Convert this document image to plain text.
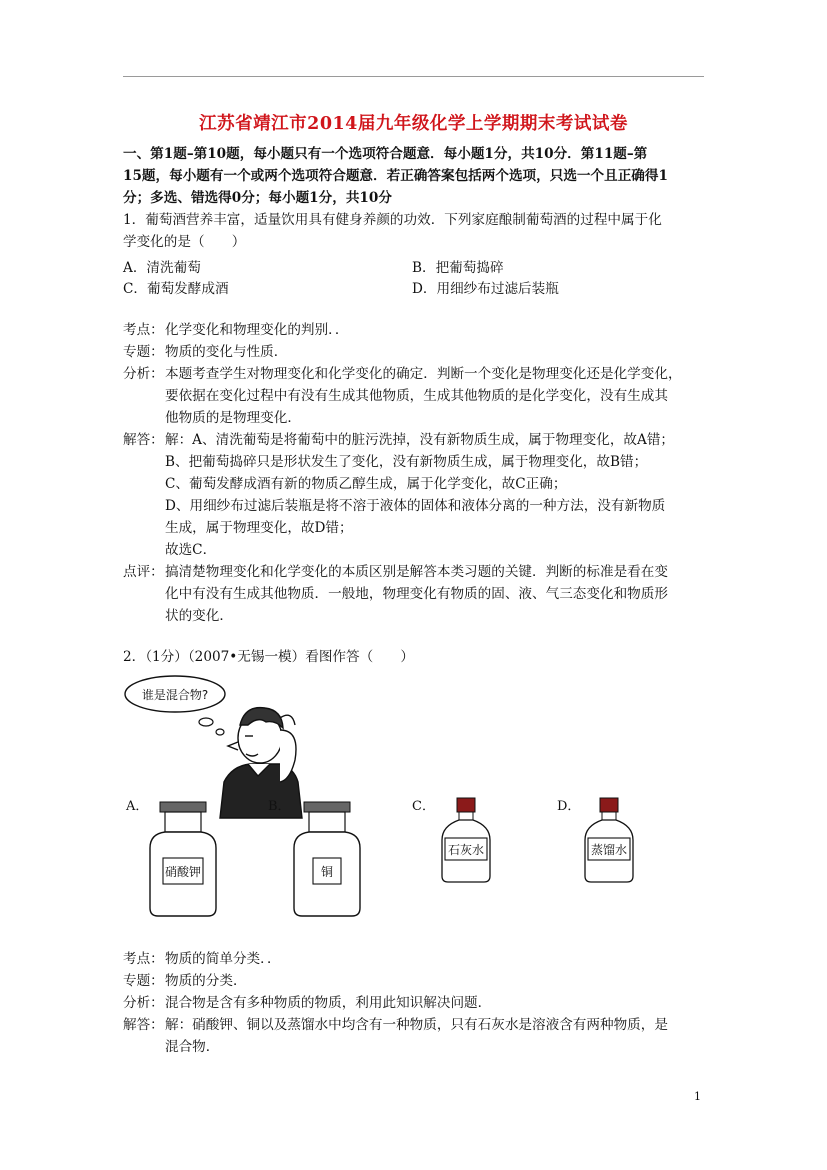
江苏省靖江市2014届九年级化学上学期期末考试试卷

一、第1题–第10题，每小题只有一个选项符合题意．每小题1分，共10分．第11题–第

15题，每小题有一个或两个选项符合题意．若正确答案包括两个选项，只选一个且正确得1

分；多选、错选得0分；每小题1分，共10分

1．葡萄酒营养丰富，适量饮用具有健身养颜的功效．下列家庭酿制葡萄酒的过程中属于化

学变化的是（　　）

A．清洗葡萄	B．把葡萄捣碎
C．葡萄发酵成酒	D．用细纱布过滤后装瓶
考点： 化学变化和物理变化的判别．．

专题： 物质的变化与性质．

分析： 本题考查学生对物理变化和化学变化的确定．判断一个变化是物理变化还是化学变化，

要依据在变化过程中有没有生成其他物质，生成其他物质的是化学变化，没有生成其

他物质的是物理变化．

解答： 解：A、清洗葡萄是将葡萄中的脏污洗掉，没有新物质生成，属于物理变化，故A错；

B、把葡萄捣碎只是形状发生了变化，没有新物质生成，属于物理变化，故B错；

C、葡萄发酵成酒有新的物质乙醇生成，属于化学变化，故C正确；

D、用细纱布过滤后装瓶是将不溶于液体的固体和液体分离的一种方法，没有新物质

生成，属于物理变化，故D错；

故选C．

点评： 搞清楚物理变化和化学变化的本质区别是解答本类习题的关键．判断的标准是看在变

化中有没有生成其他物质．一般地，物理变化有物质的固、液、气三态变化和物质形

状的变化．

2．（1分）（2007•无锡一模）看图作答（　　）

谁是混合物?
A．
硝酸钾
B．
铜
C．
石灰水
D．
蒸馏水
考点： 物质的简单分类．．

专题： 物质的分类．

分析： 混合物是含有多种物质的物质，利用此知识解决问题．

解答： 解：硝酸钾、铜以及蒸馏水中均含有一种物质，只有石灰水是溶液含有两种物质，是

混合物．

1
